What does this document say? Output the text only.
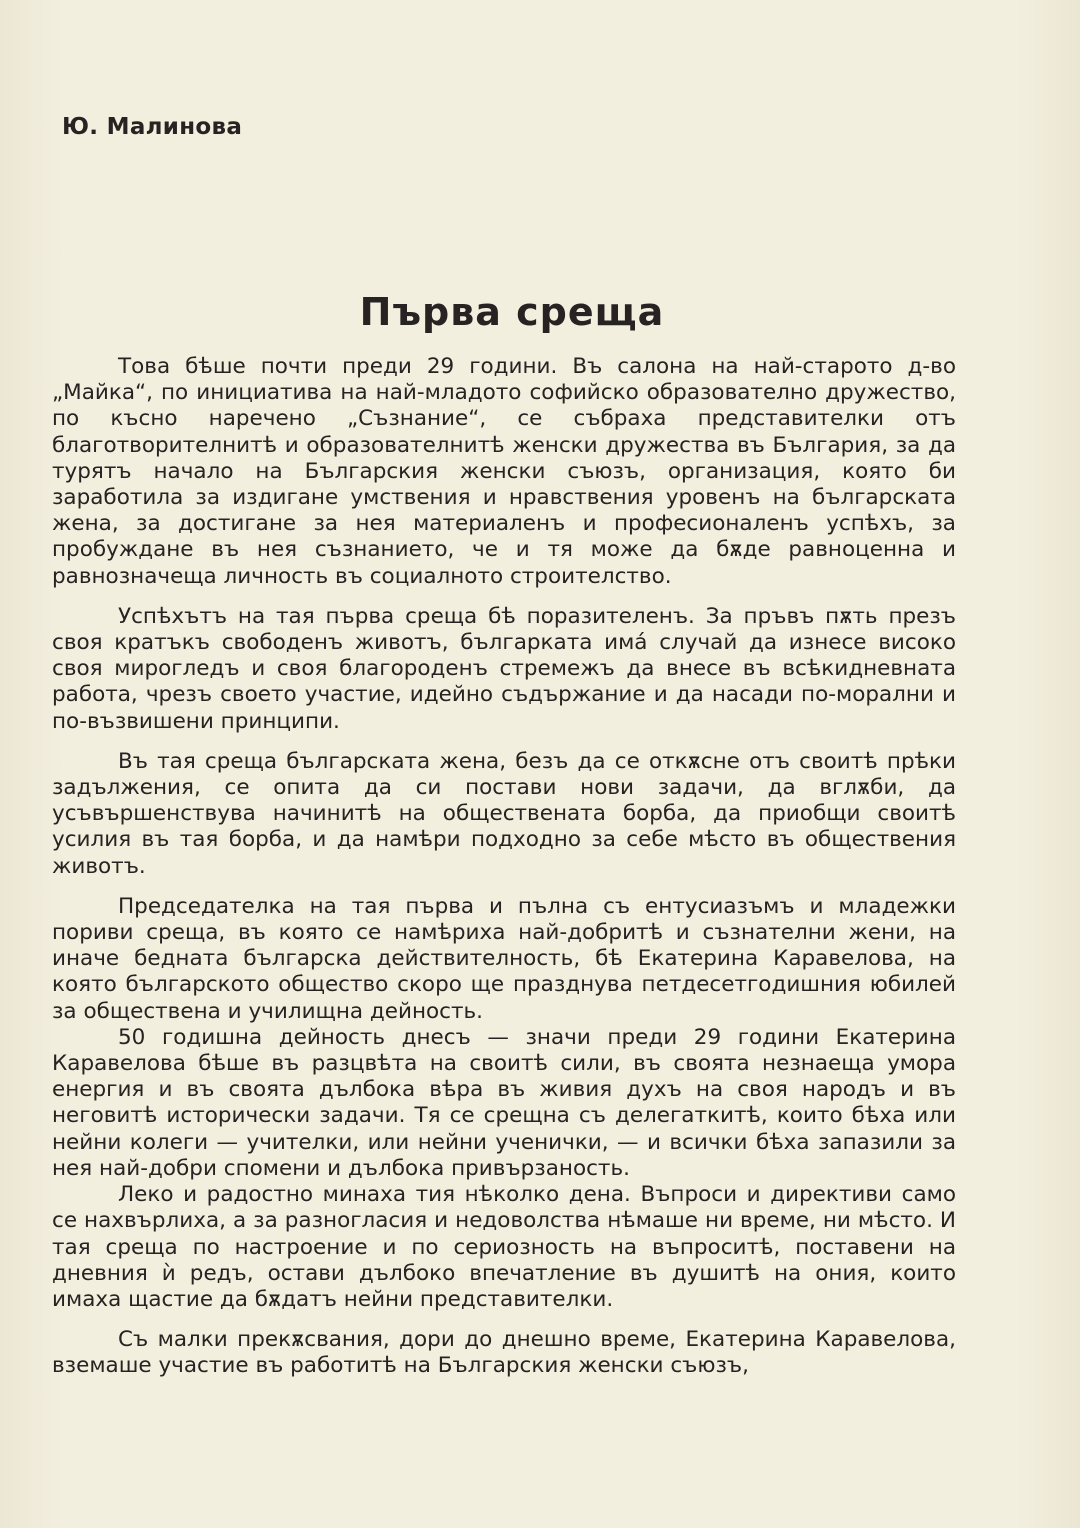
Ю. Малинова
Първа среща

Това бѣше почти преди 29 години. Въ салона на най-старото д-во „Майка“, по инициатива на най-младото софийско образователно дружество, по късно наречено „Съзнание“, се събраха представителки отъ благотворителнитѣ и образователнитѣ женски дружества въ България, за да турятъ начало на Българския женски съюзъ, организация, която би заработила за издигане умствения и нравствения уровенъ на българската жена, за достигане за нея материаленъ и професионаленъ успѣхъ, за пробуждане въ нея съзнанието, че и тя може да бѫде равноценна и равнозначеща личность въ социалното строителство.

Успѣхътъ на тая първа среща бѣ поразителенъ. За пръвъ пѫть презъ своя кратъкъ свободенъ животъ, българката има́ случай да изнесе високо своя мирогледъ и своя благороденъ стремежъ да внесе въ всѣкидневната работа, чрезъ своето участие, идейно съдържание и да насади по-морални и по-възвишени принципи.

Въ тая среща българската жена, безъ да се откѫсне отъ своитѣ прѣки задължения, се опита да си постави нови задачи, да вглѫби, да усъвършенствува начинитѣ на обществената борба, да приобщи своитѣ усилия въ тая борба, и да намѣри подходно за себе мѣсто въ обществения животъ.

Председателка на тая първа и пълна съ ентусиазъмъ и младежки пориви среща, въ която се намѣриха най-добритѣ и съзнателни жени, на иначе бедната българска действителность, бѣ Екатерина Каравелова, на която българското общество скоро ще празднува петдесетгодишния юбилей за обществена и училищна дейность.

50 годишна дейность днесъ — значи преди 29 години Екатерина Каравелова бѣше въ разцвѣта на своитѣ сили, въ своята незнаеща умора енергия и въ своята дълбока вѣра въ живия духъ на своя народъ и въ неговитѣ исторически задачи. Тя се срещна съ делегаткитѣ, които бѣха или нейни колеги — учителки, или нейни ученички, — и всички бѣха запазили за нея най-добри спомени и дълбока привързаность.

Леко и радостно минаха тия нѣколко дена. Въпроси и директиви само се нахвърлиха, а за разногласия и недоволства нѣмаше ни време, ни мѣсто. И тая среща по настроение и по сериозность на въпроситѣ, поставени на дневния ѝ редъ, остави дълбоко впечатление въ душитѣ на ония, които имаха щастие да бѫдатъ нейни представителки.

Съ малки прекѫсвания, дори до днешно време, Екатерина Каравелова, вземаше участие въ работитѣ на Българския женски съюзъ,
